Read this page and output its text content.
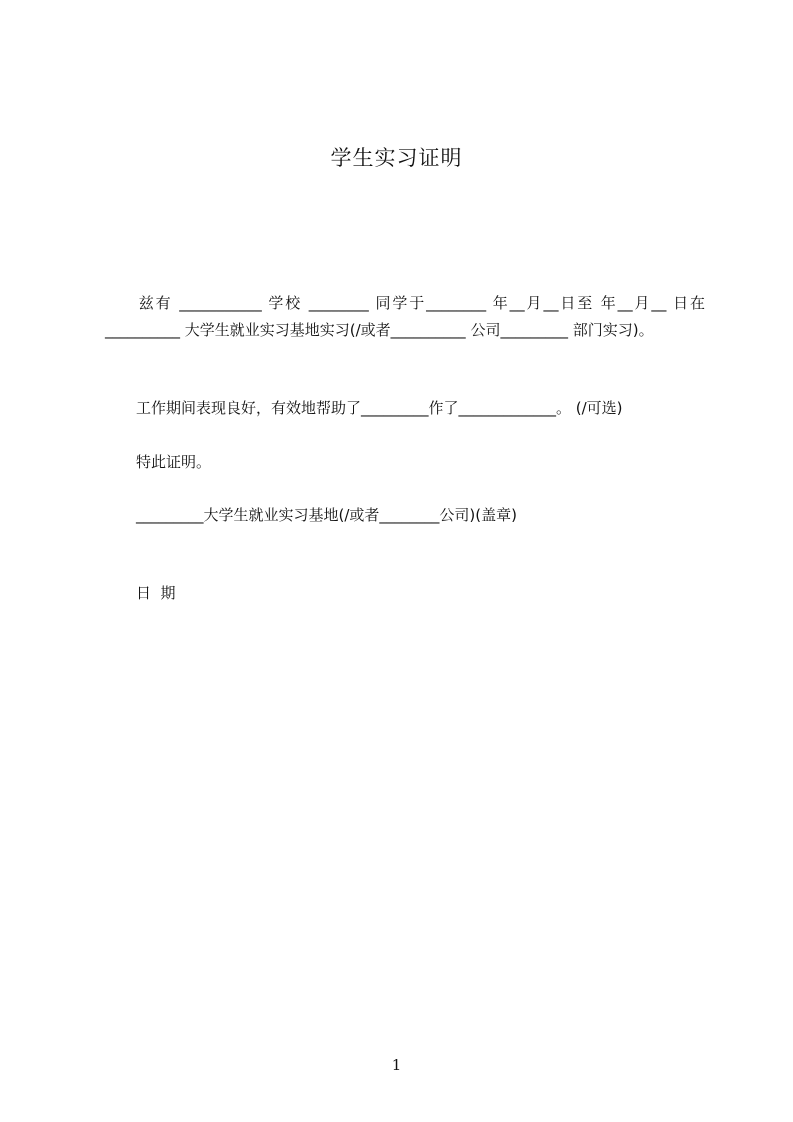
学生实习证明
　　兹有 ___________ 学校 ________ 同学于________ 年__月__日至 年__月__ 日在 __________ 大学生就业实习基地实习(/或者__________ 公司_________ 部门实习)。
工作期间表现良好，有效地帮助了_________作了_____________。 (/可选)
特此证明。
_________大学生就业实习基地(/或者________公司)(盖章)
日  期
1
